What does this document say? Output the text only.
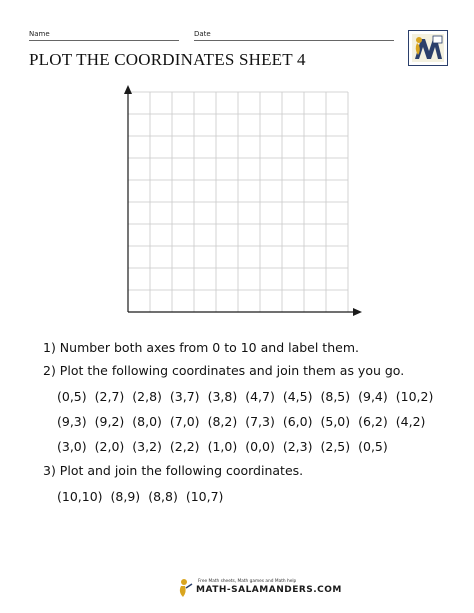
Name	Date
PLOT THE COORDINATES SHEET 4
1) Number both axes from 0 to 10 and label them.
2) Plot the following coordinates and join them as you go.
(0,5) (2,7) (2,8) (3,7) (3,8) (4,7) (4,5) (8,5) (9,4) (10,2)
(9,3) (9,2) (8,0) (7,0) (8,2) (7,3) (6,0) (5,0) (6,2) (4,2)
(3,0) (2,0) (3,2) (2,2) (1,0) (0,0) (2,3) (2,5) (0,5)
3) Plot and join the following coordinates.
(10,10) (8,9) (8,8) (10,7)
Free Math sheets, Math games and Math help
MATH-SALAMANDERS.COM
